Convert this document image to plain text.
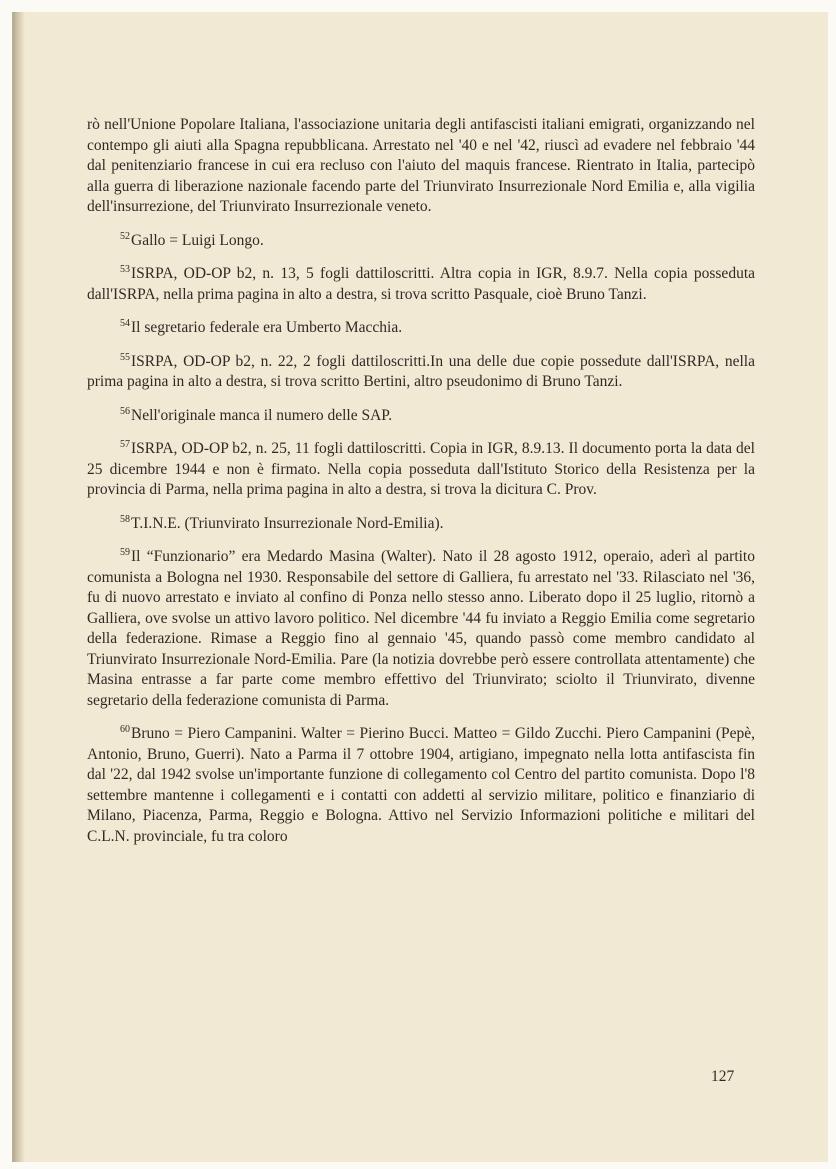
rò nell'Unione Popolare Italiana, l'associazione unitaria degli antifascisti italiani emigrati, organizzando nel contempo gli aiuti alla Spagna repubblicana. Arrestato nel '40 e nel '42, riuscì ad evadere nel febbraio '44 dal penitenziario francese in cui era recluso con l'aiuto del maquis francese. Rientrato in Italia, partecipò alla guerra di liberazione nazionale facendo parte del Triunvirato Insurrezionale Nord Emilia e, alla vigilia dell'insurrezione, del Triunvirato Insurrezionale veneto.

$^{52}$Gallo = Luigi Longo.

$^{53}$ISRPA, OD-OP b2, n. 13, 5 fogli dattiloscritti. Altra copia in IGR, 8.9.7. Nella copia posseduta dall'ISRPA, nella prima pagina in alto a destra, si trova scritto Pasquale, cioè Bruno Tanzi.

$^{54}$Il segretario federale era Umberto Macchia.

$^{55}$ISRPA, OD-OP b2, n. 22, 2 fogli dattiloscritti.In una delle due copie possedute dall'ISRPA, nella prima pagina in alto a destra, si trova scritto Bertini, altro pseudonimo di Bruno Tanzi.

$^{56}$Nell'originale manca il numero delle SAP.

$^{57}$ISRPA, OD-OP b2, n. 25, 11 fogli dattiloscritti. Copia in IGR, 8.9.13. Il documento porta la data del 25 dicembre 1944 e non è firmato. Nella copia posseduta dall'Istituto Storico della Resistenza per la provincia di Parma, nella prima pagina in alto a destra, si trova la dicitura C. Prov.

$^{58}$T.I.N.E. (Triunvirato Insurrezionale Nord-Emilia).

$^{59}$Il “Funzionario” era Medardo Masina (Walter). Nato il 28 agosto 1912, operaio, aderì al partito comunista a Bologna nel 1930. Responsabile del settore di Galliera, fu arrestato nel '33. Rilasciato nel '36, fu di nuovo arrestato e inviato al confino di Ponza nello stesso anno. Liberato dopo il 25 luglio, ritornò a Galliera, ove svolse un attivo lavoro politico. Nel dicembre '44 fu inviato a Reggio Emilia come segretario della federazione. Rimase a Reggio fino al gennaio '45, quando passò come membro candidato al Triunvirato Insurrezionale Nord-Emilia. Pare (la notizia dovrebbe però essere controllata attentamente) che Masina entrasse a far parte come membro effettivo del Triunvirato; sciolto il Triunvirato, divenne segretario della federazione comunista di Parma.

$^{60}$Bruno = Piero Campanini. Walter = Pierino Bucci. Matteo = Gildo Zucchi. Piero Campanini (Pepè, Antonio, Bruno, Guerri). Nato a Parma il 7 ottobre 1904, artigiano, impegnato nella lotta antifascista fin dal '22, dal 1942 svolse un'importante funzione di collegamento col Centro del partito comunista. Dopo l'8 settembre mantenne i collegamenti e i contatti con addetti al servizio militare, politico e finanziario di Milano, Piacenza, Parma, Reggio e Bologna. Attivo nel Servizio Informazioni politiche e militari del C.L.N. provinciale, fu tra coloro

127
